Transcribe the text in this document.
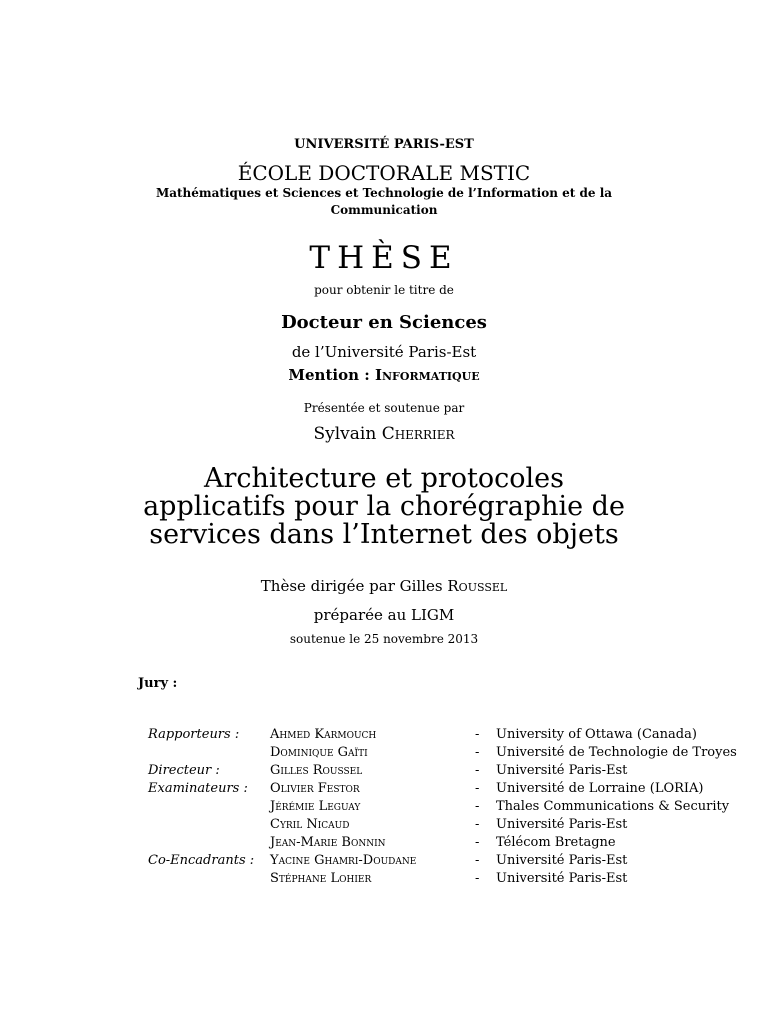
UNIVERSITÉ PARIS-EST
ÉCOLE DOCTORALE MSTIC
Mathématiques et Sciences et Technologie de l’Information et de la
Communication
THÈSE
pour obtenir le titre de
Docteur en Sciences
de l’Université Paris-Est
Mention : Informatique
Présentée et soutenue par
Sylvain Cherrier
Architecture et protocoles
applicatifs pour la chorégraphie de
services dans l’Internet des objets
Thèse dirigée par Gilles Roussel
préparée au LIGM
soutenue le 25 novembre 2013
Jury :
Rapporteurs : Ahmed Karmouch	- University of Ottawa (Canada)
Dominique Gaïti	- Université de Technologie de Troyes
Directeur :	Gilles Roussel	- Université Paris-Est
Examinateurs : Olivier Festor	- Université de Lorraine (LORIA)
Jérémie Leguay	- Thales Communications & Security
Cyril Nicaud	- Université Paris-Est
Jean-Marie Bonnin	- Télécom Bretagne
Co-Encadrants : Yacine Ghamri-Doudane	- Université Paris-Est
Stéphane Lohier	- Université Paris-Est
